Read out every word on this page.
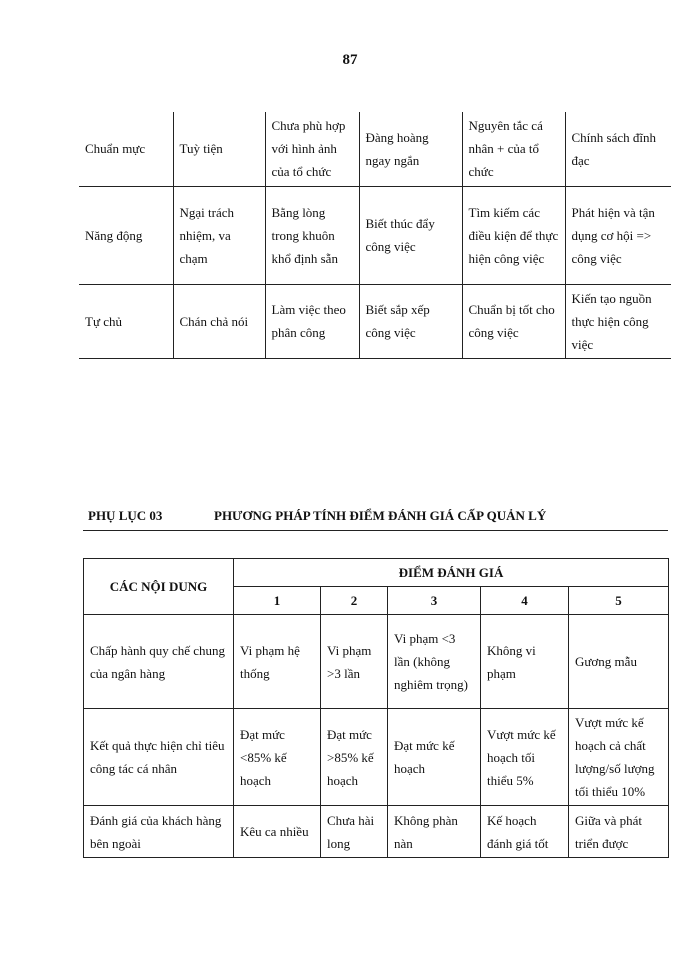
87
Chuẩn mực	Tuỳ tiện	Chưa phù hợp với hình ảnh của tổ chức	Đàng hoàng ngay ngắn	Nguyên tắc cá nhân + của tổ chức	Chính sách đĩnh đạc
Năng động	Ngại trách nhiệm, va chạm	Bằng lòng trong khuôn khổ định sẵn	Biết thúc đẩy công việc	Tìm kiếm các điều kiện để thực hiện công việc	Phát hiện và tận dụng cơ hội => công việc
Tự chủ	Chán chả nói	Làm việc theo phân công	Biết sắp xếp công việc	Chuẩn bị tốt cho công việc	Kiến tạo nguồn thực hiện công việc
PHỤ LỤC 03	PHƯƠNG PHÁP TÍNH ĐIỂM ĐÁNH GIÁ CẤP QUẢN LÝ
CÁC NỘI DUNG	ĐIỂM ĐÁNH GIÁ				
	1	2	3	4	5
Chấp hành quy chế chung của ngân hàng	Vi phạm hệ thống	Vi phạm >3 lần	Vi phạm <3 lần (không nghiêm trọng)	Không vi phạm	Gương mẫu
Kết quả thực hiện chỉ tiêu công tác cá nhân	Đạt mức <85% kế hoạch	Đạt mức >85% kế hoạch	Đạt mức kế hoạch	Vượt mức kế hoạch tối thiểu 5%	Vượt mức kế hoạch cả chất lượng/số lượng tối thiểu 10%
Đánh giá của khách hàng bên ngoài	Kêu ca nhiều	Chưa hài long	Không phàn nàn	Kế hoạch đánh giá tốt	Giữa và phát triển được
